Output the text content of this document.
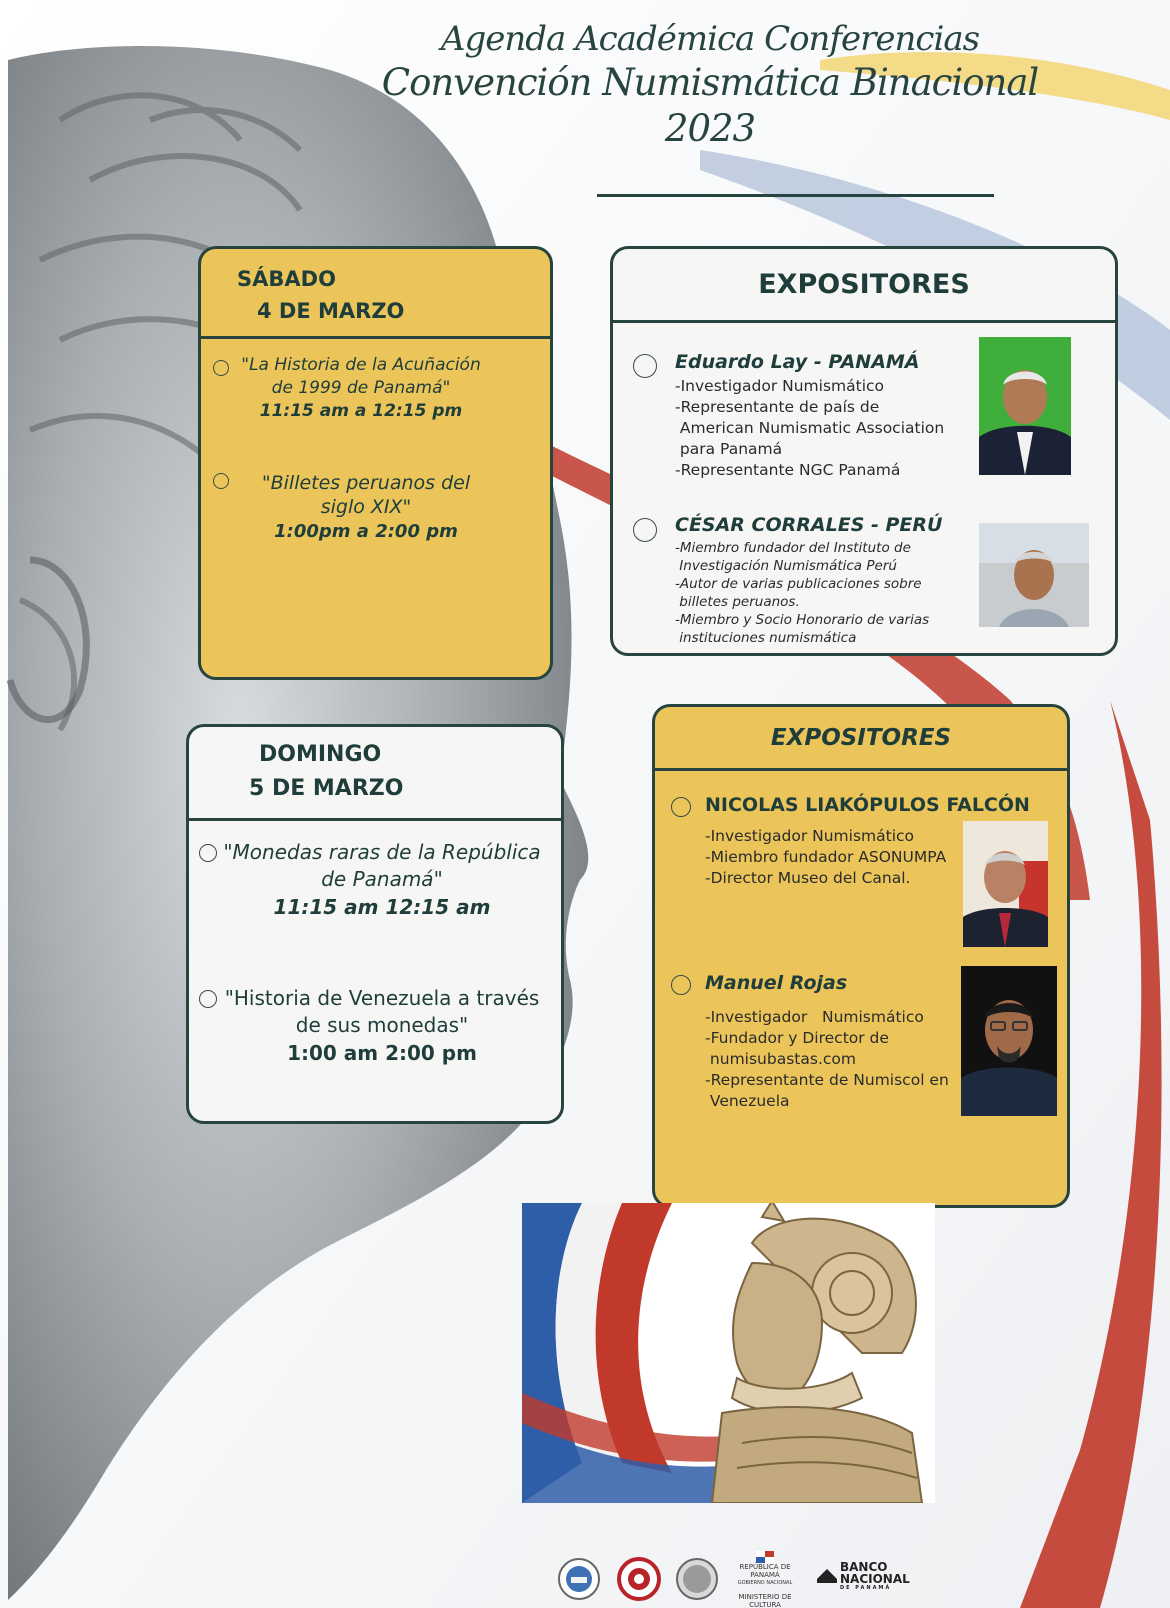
Agenda Académica Conferencias
Convención Numismática Binacional 2023
SÁBADO
4 DE MARZO
"La Historia de la Acuñación
de 1999 de Panamá"
11:15 am a 12:15 pm
"Billetes peruanos del
siglo XIX"
1:00pm a 2:00 pm
DOMINGO
5 DE MARZO
"Monedas raras de la República
de Panamá"
11:15 am 12:15 am
"Historia de Venezuela a través
de sus monedas"
1:00 am 2:00 pm
EXPOSITORES
Eduardo Lay - PANAMÁ
-Investigador Numismático
-Representante de país de
American Numismatic Association
para Panamá
-Representante NGC Panamá
CÉSAR CORRALES - PERÚ
-Miembro fundador del Instituto de
Investigación Numismática Perú
-Autor de varias publicaciones sobre
billetes peruanos.
-Miembro y Socio Honorario de varias
instituciones numismática
EXPOSITORES
NICOLAS LIAKÓPULOS FALCÓN
-Investigador Numismático
-Miembro fundador ASONUMPA
-Director Museo del Canal.
Manuel Rojas
-Investigador   Numismático
-Fundador y Director de
numisubastas.com
-Representante de Numiscol en
Venezuela
REPÚBLICA DE PANAMÁ
GOBIERNO NACIONAL
MINISTERIO DE CULTURA
BANCO
NACIONAL
DE PANAMÁ
